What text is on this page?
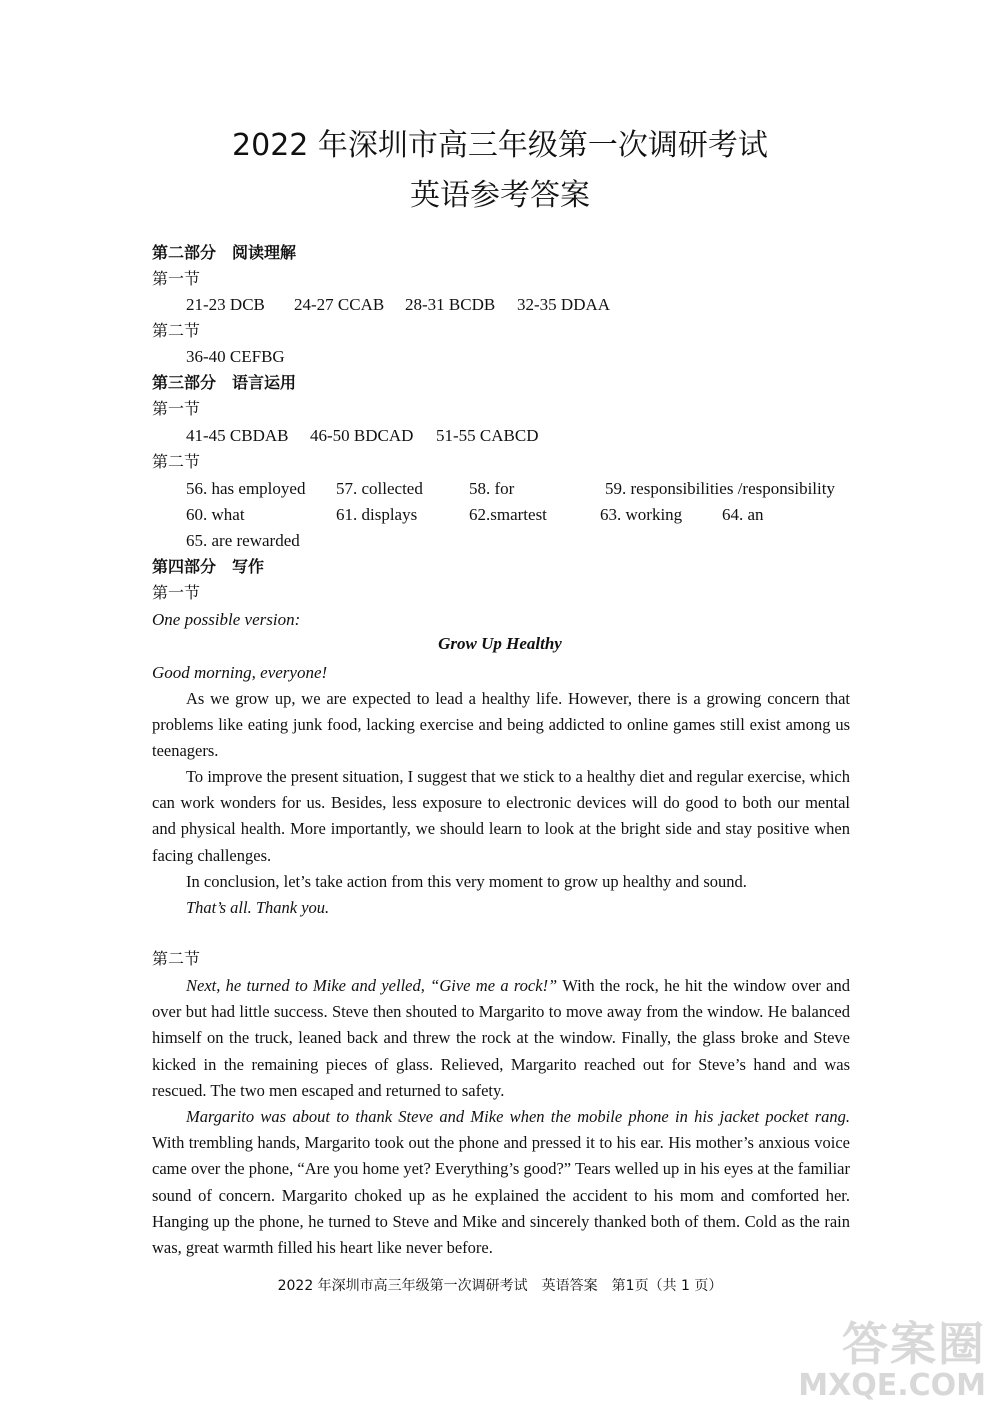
2022 年深圳市高三年级第一次调研考试
英语参考答案
第二部分　阅读理解
第一节
21-23 DCB 24-27 CCAB 28-31 BCDB 32-35 DDAA
第二节
36-40 CEFBG
第三部分　语言运用
第一节
41-45 CBDAB 46-50 BDCAD 51-55 CABCD
第二节
56. has employed 57. collected	58. for	59. responsibilities /responsibility
60. what	61. displays	62.smartest	63. working 64. an
65. are rewarded
第四部分　写作
第一节
One possible version:
Grow Up Healthy
Good morning, everyone!
As we grow up, we are expected to lead a healthy life. However, there is a growing concern that problems like eating junk food, lacking exercise and being addicted to online games still exist among us teenagers.
To improve the present situation, I suggest that we stick to a healthy diet and regular exercise, which can work wonders for us. Besides, less exposure to electronic devices will do good to both our mental and physical health. More importantly, we should learn to look at the bright side and stay positive when facing challenges.
In conclusion, let’s take action from this very moment to grow up healthy and sound.
That’s all. Thank you.
第二节
Next, he turned to Mike and yelled, “Give me a rock!” With the rock, he hit the window over and over but had little success. Steve then shouted to Margarito to move away from the window. He balanced himself on the truck, leaned back and threw the rock at the window. Finally, the glass broke and Steve kicked in the remaining pieces of glass. Relieved, Margarito reached out for Steve’s hand and was rescued. The two men escaped and returned to safety.
Margarito was about to thank Steve and Mike when the mobile phone in his jacket pocket rang. With trembling hands, Margarito took out the phone and pressed it to his ear. His mother’s anxious voice came over the phone, “Are you home yet? Everything’s good?” Tears welled up in his eyes at the familiar sound of concern. Margarito choked up as he explained the accident to his mom and comforted her. Hanging up the phone, he turned to Steve and Mike and sincerely thanked both of them. Cold as the rain was, great warmth filled his heart like never before.
2022 年深圳市高三年级第一次调研考试　英语答案　第1页（共 1 页）
答案圈
MXQE.COM
